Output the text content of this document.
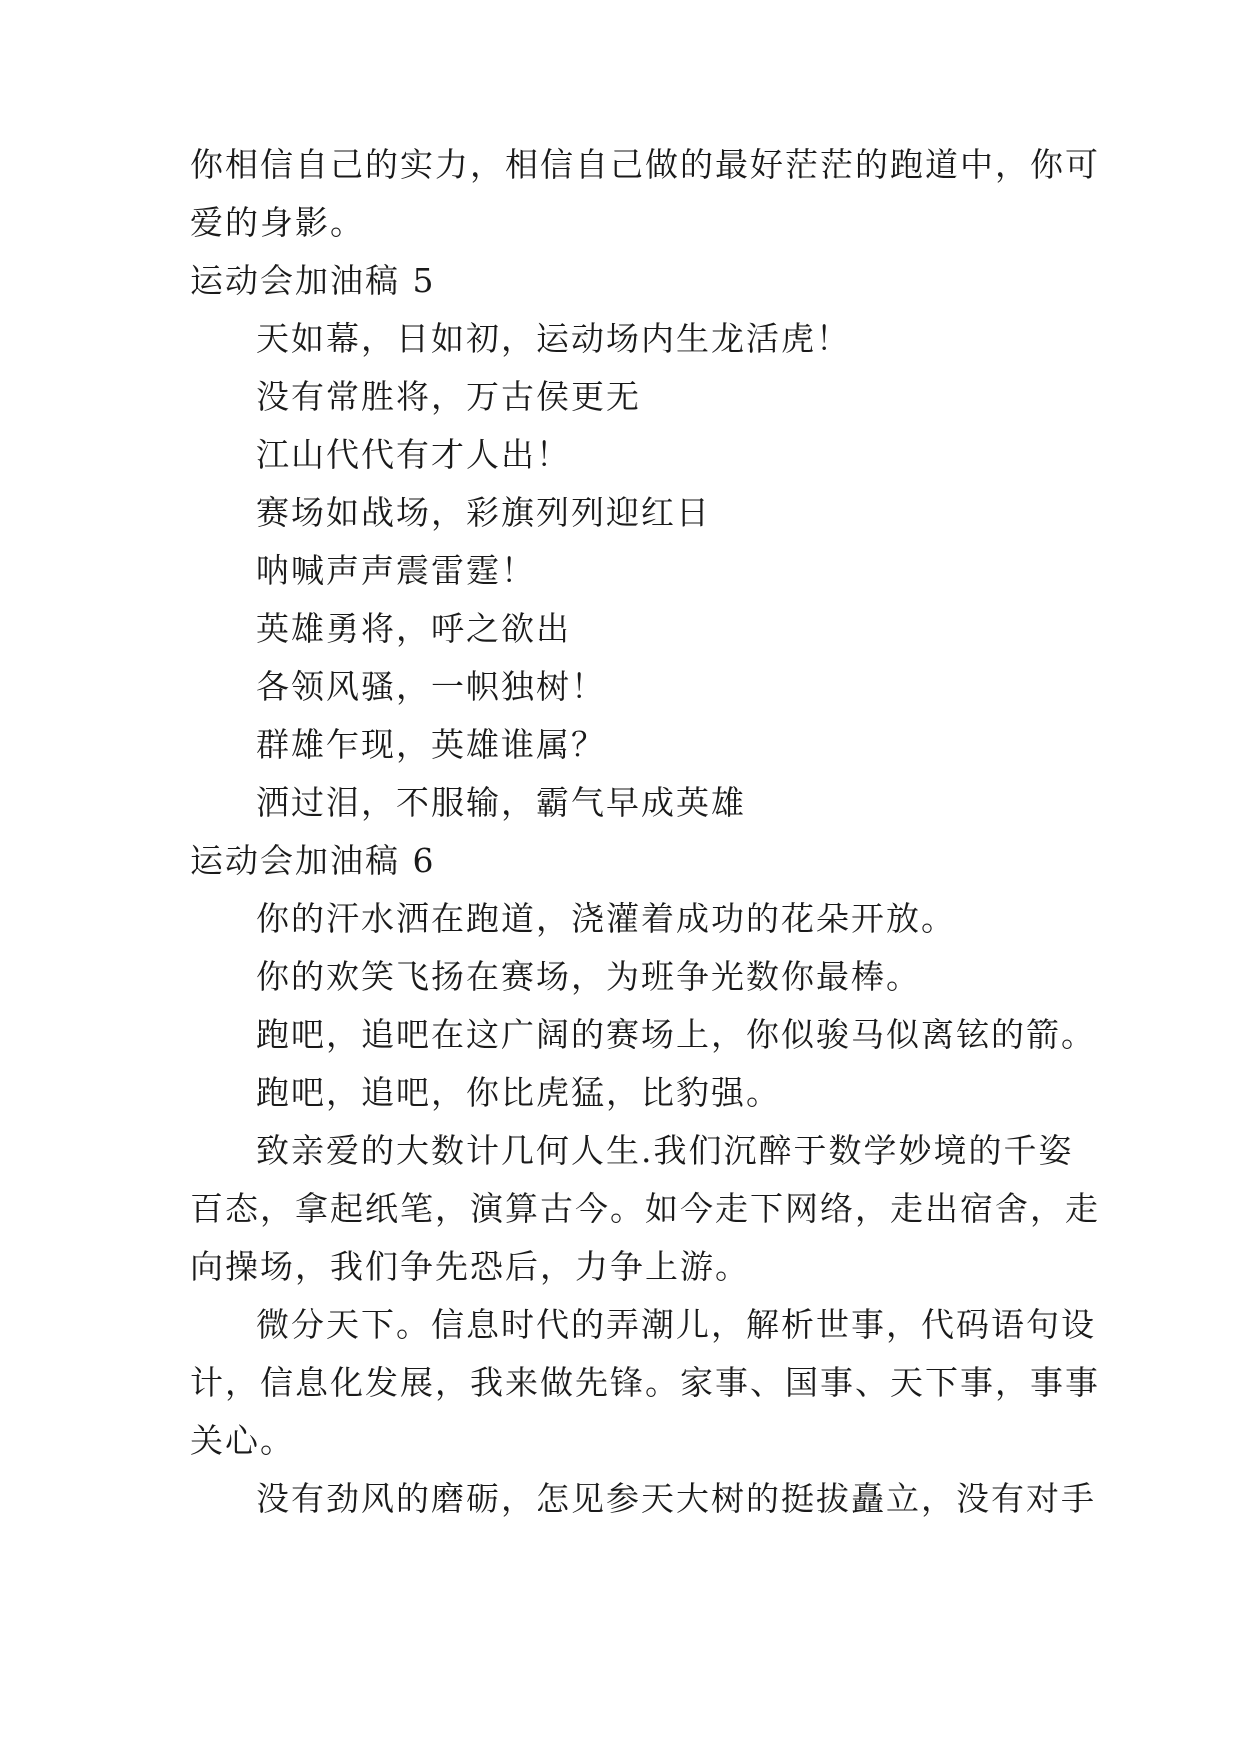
你相信自己的实力，相信自己做的最好茫茫的跑道中，你可
爱的身影。
运动会加油稿 5
天如幕，日如初，运动场内生龙活虎！
没有常胜将，万古侯更无
江山代代有才人出！
赛场如战场，彩旗列列迎红日
呐喊声声震雷霆！
英雄勇将，呼之欲出
各领风骚，一帜独树！
群雄乍现，英雄谁属？
洒过泪，不服输，霸气早成英雄
运动会加油稿 6
你的汗水洒在跑道，浇灌着成功的花朵开放。
你的欢笑飞扬在赛场，为班争光数你最棒。
跑吧，追吧在这广阔的赛场上，你似骏马似离铉的箭。
跑吧，追吧，你比虎猛，比豹强。
致亲爱的大数计几何人生.我们沉醉于数学妙境的千姿
百态，拿起纸笔，演算古今。如今走下网络，走出宿舍，走
向操场，我们争先恐后，力争上游。
微分天下。信息时代的弄潮儿，解析世事，代码语句设
计，信息化发展，我来做先锋。家事、国事、天下事，事事
关心。
没有劲风的磨砺，怎见参天大树的挺拔矗立，没有对手
